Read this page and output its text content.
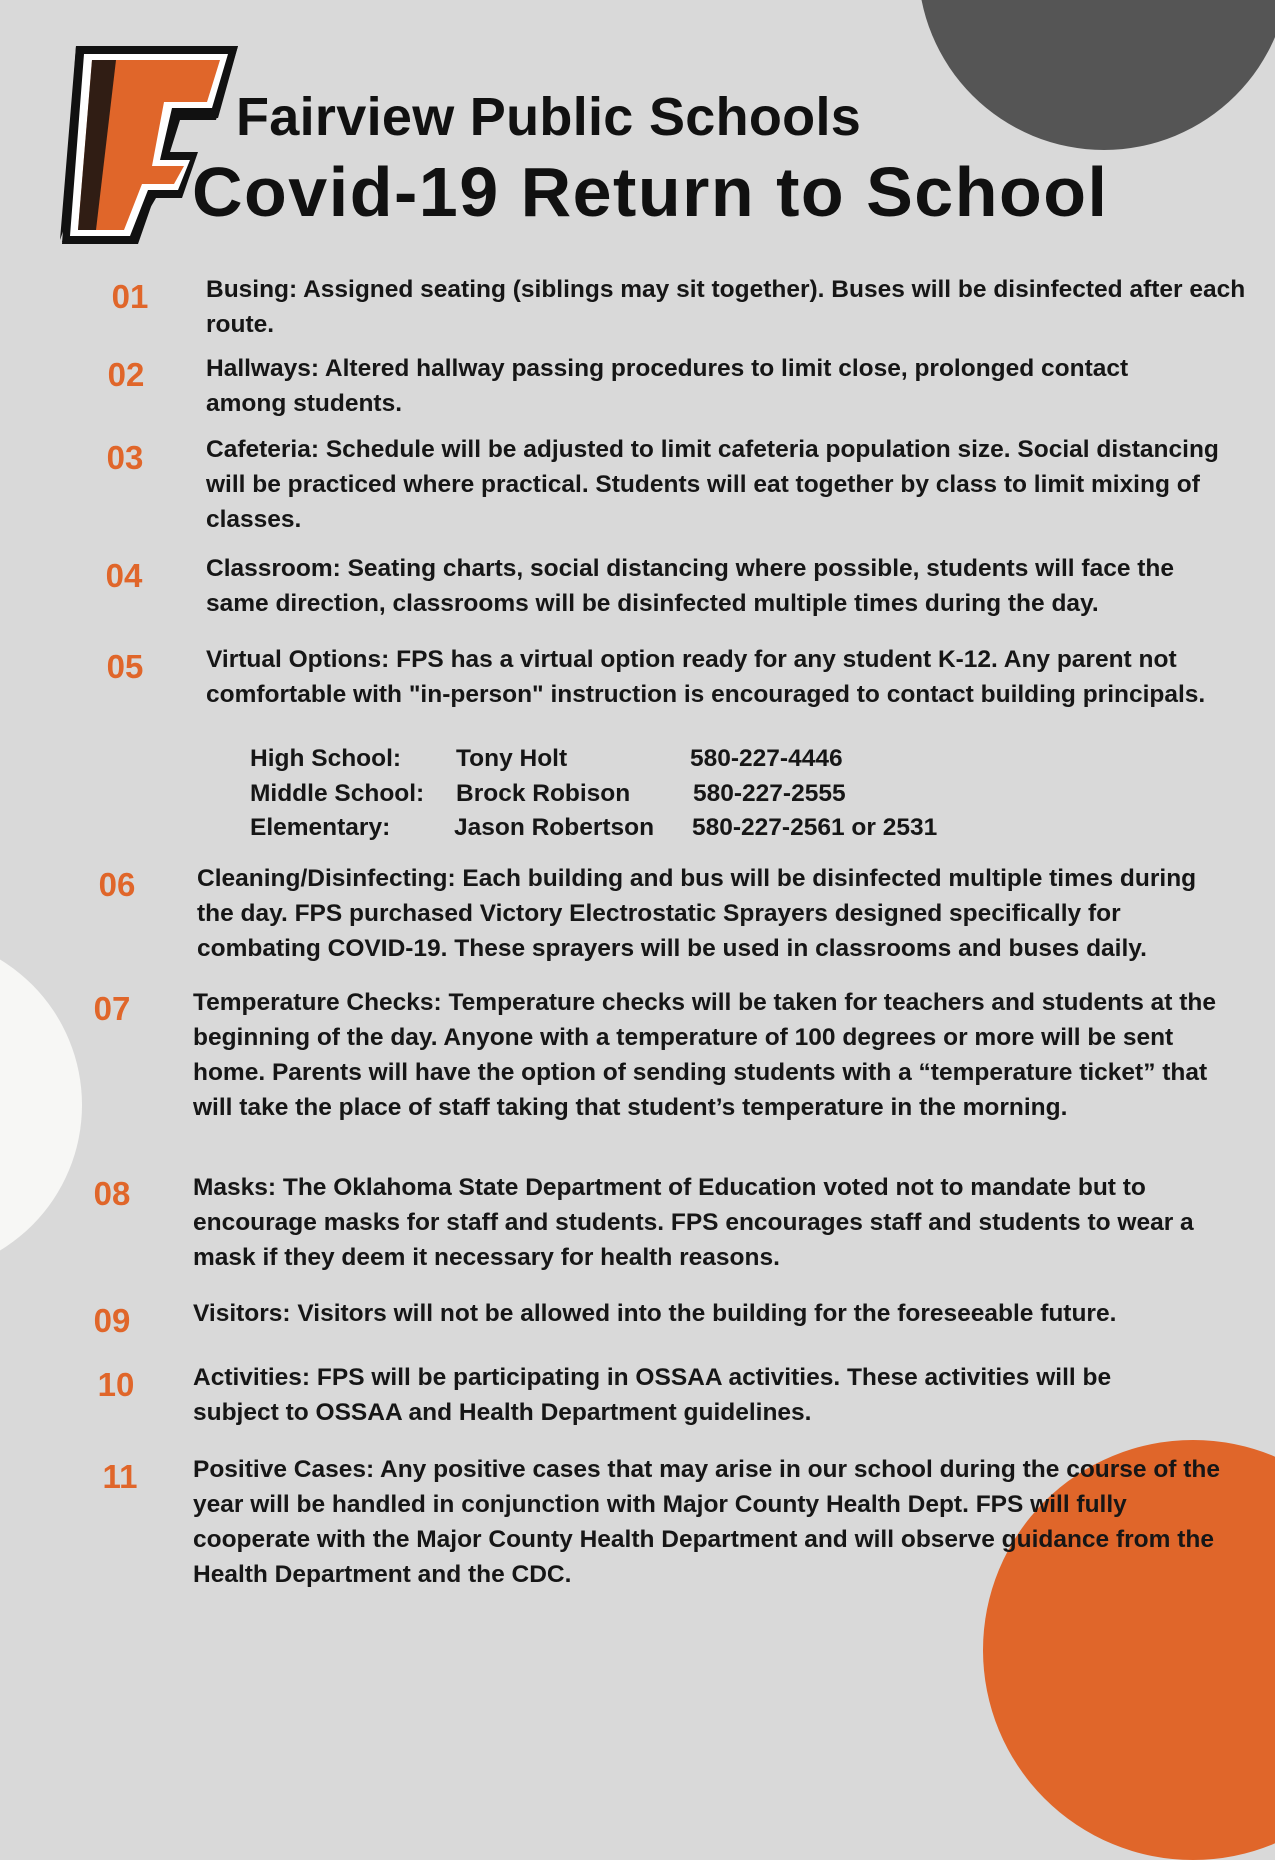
Fairview Public Schools
Covid-19 Return to School
01	Busing: Assigned seating (siblings may sit together). Buses will be disinfected after each route.
02	Hallways: Altered hallway passing procedures to limit close, prolonged contact among students.
03	Cafeteria: Schedule will be adjusted to limit cafeteria population size. Social distancing will be practiced where practical. Students will eat together by class to limit mixing of classes.
04	Classroom: Seating charts, social distancing where possible, students will face the same direction, classrooms will be disinfected multiple times during the day.
05	Virtual Options: FPS has a virtual option ready for any student K-12. Any parent not comfortable with "in-person" instruction is encouraged to contact building principals.
High School: Tony Holt	580-227-4446
Middle School: Brock Robison	580-227-2555
Elementary:	Jason Robertson 580-227-2561 or 2531
06	Cleaning/Disinfecting: Each building and bus will be disinfected multiple times during the day. FPS purchased Victory Electrostatic Sprayers designed specifically for combating COVID-19. These sprayers will be used in classrooms and buses daily.
07	Temperature Checks: Temperature checks will be taken for teachers and students at the beginning of the day. Anyone with a temperature of 100 degrees or more will be sent home. Parents will have the option of sending students with a “temperature ticket” that will take the place of staff taking that student’s temperature in the morning.
08	Masks: The Oklahoma State Department of Education voted not to mandate but to encourage masks for staff and students. FPS encourages staff and students to wear a mask if they deem it necessary for health reasons.
09	Visitors: Visitors will not be allowed into the building for the foreseeable future.
10	Activities: FPS will be participating in OSSAA activities. These activities will be subject to OSSAA and Health Department guidelines.
11	Positive Cases: Any positive cases that may arise in our school during the course of the year will be handled in conjunction with Major County Health Dept. FPS will fully cooperate with the Major County Health Department and will observe guidance from the Health Department and the CDC.
